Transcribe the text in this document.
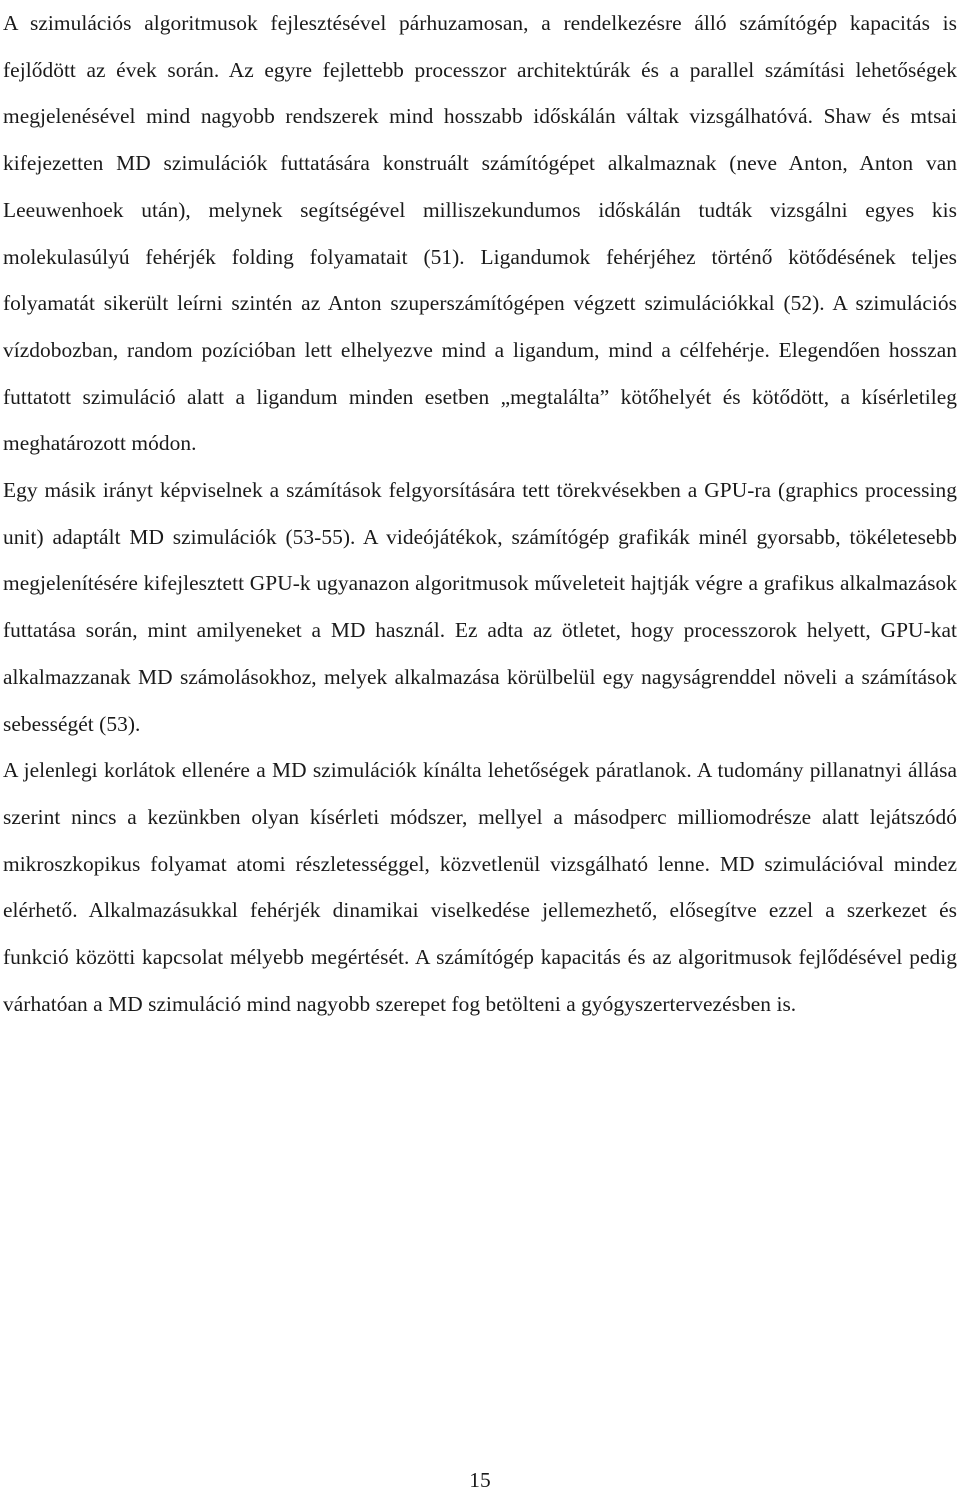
A szimulációs algoritmusok fejlesztésével párhuzamosan, a rendelkezésre álló számítógép kapacitás is fejlődött az évek során. Az egyre fejlettebb processzor architektúrák és a parallel számítási lehetőségek megjelenésével mind nagyobb rendszerek mind hosszabb időskálán váltak vizsgálhatóvá. Shaw és mtsai kifejezetten MD szimulációk futtatására konstruált számítógépet alkalmaznak (neve Anton, Anton van Leeuwenhoek után), melynek segítségével milliszekundumos időskálán tudták vizsgálni egyes kis molekulasúlyú fehérjék folding folyamatait (51). Ligandumok fehérjéhez történő kötődésének teljes folyamatát sikerült leírni szintén az Anton szuperszámítógépen végzett szimulációkkal (52). A szimulációs vízdobozban, random pozícióban lett elhelyezve mind a ligandum, mind a célfehérje. Elegendően hosszan futtatott szimuláció alatt a ligandum minden esetben „megtalálta” kötőhelyét és kötődött, a kísérletileg meghatározott módon.

Egy másik irányt képviselnek a számítások felgyorsítására tett törekvésekben a GPU-ra (graphics processing unit) adaptált MD szimulációk (53-55). A videójátékok, számítógép grafikák minél gyorsabb, tökéletesebb megjelenítésére kifejlesztett GPU-k ugyanazon algoritmusok műveleteit hajtják végre a grafikus alkalmazások futtatása során, mint amilyeneket a MD használ. Ez adta az ötletet, hogy processzorok helyett, GPU-kat alkalmazzanak MD számolásokhoz, melyek alkalmazása körülbelül egy nagyságrenddel növeli a számítások sebességét (53).

A jelenlegi korlátok ellenére a MD szimulációk kínálta lehetőségek páratlanok. A tudomány pillanatnyi állása szerint nincs a kezünkben olyan kísérleti módszer, mellyel a másodperc milliomodrésze alatt lejátszódó mikroszkopikus folyamat atomi részletességgel, közvetlenül vizsgálható lenne. MD szimulációval mindez elérhető. Alkalmazásukkal fehérjék dinamikai viselkedése jellemezhető, elősegítve ezzel a szerkezet és funkció közötti kapcsolat mélyebb megértését. A számítógép kapacitás és az algoritmusok fejlődésével pedig várhatóan a MD szimuláció mind nagyobb szerepet fog betölteni a gyógyszertervezésben is.

15
